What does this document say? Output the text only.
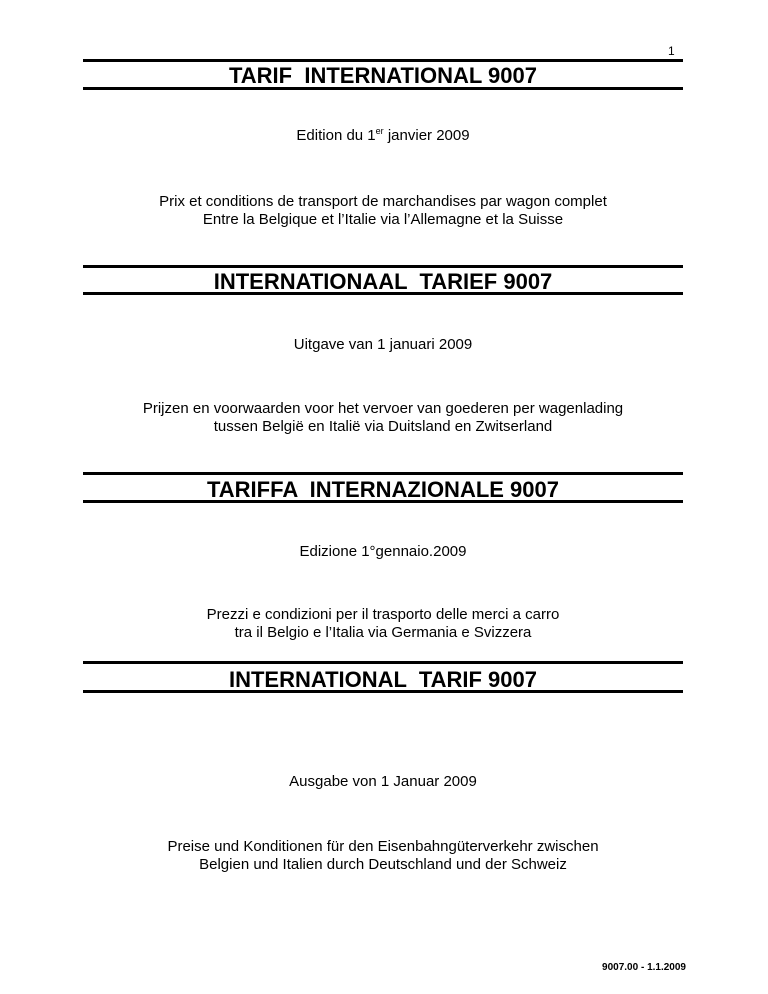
1
TARIF  INTERNATIONAL 9007
Edition du 1er janvier 2009
Prix et conditions de transport de marchandises par wagon complet
Entre la Belgique et l’Italie via l’Allemagne et la Suisse
INTERNATIONAAL  TARIEF 9007
Uitgave van 1 januari 2009
Prijzen en voorwaarden voor het vervoer van goederen per wagenlading
tussen België en Italië via Duitsland en Zwitserland
TARIFFA  INTERNAZIONALE 9007
Edizione 1°gennaio.2009
Prezzi e condizioni per il trasporto delle merci a carro
tra il Belgio e l’Italia via Germania e Svizzera
INTERNATIONAL  TARIF 9007
Ausgabe von 1 Januar 2009
Preise und Konditionen für den Eisenbahngüterverkehr zwischen
Belgien und Italien durch Deutschland und der Schweiz
9007.00 - 1.1.2009
